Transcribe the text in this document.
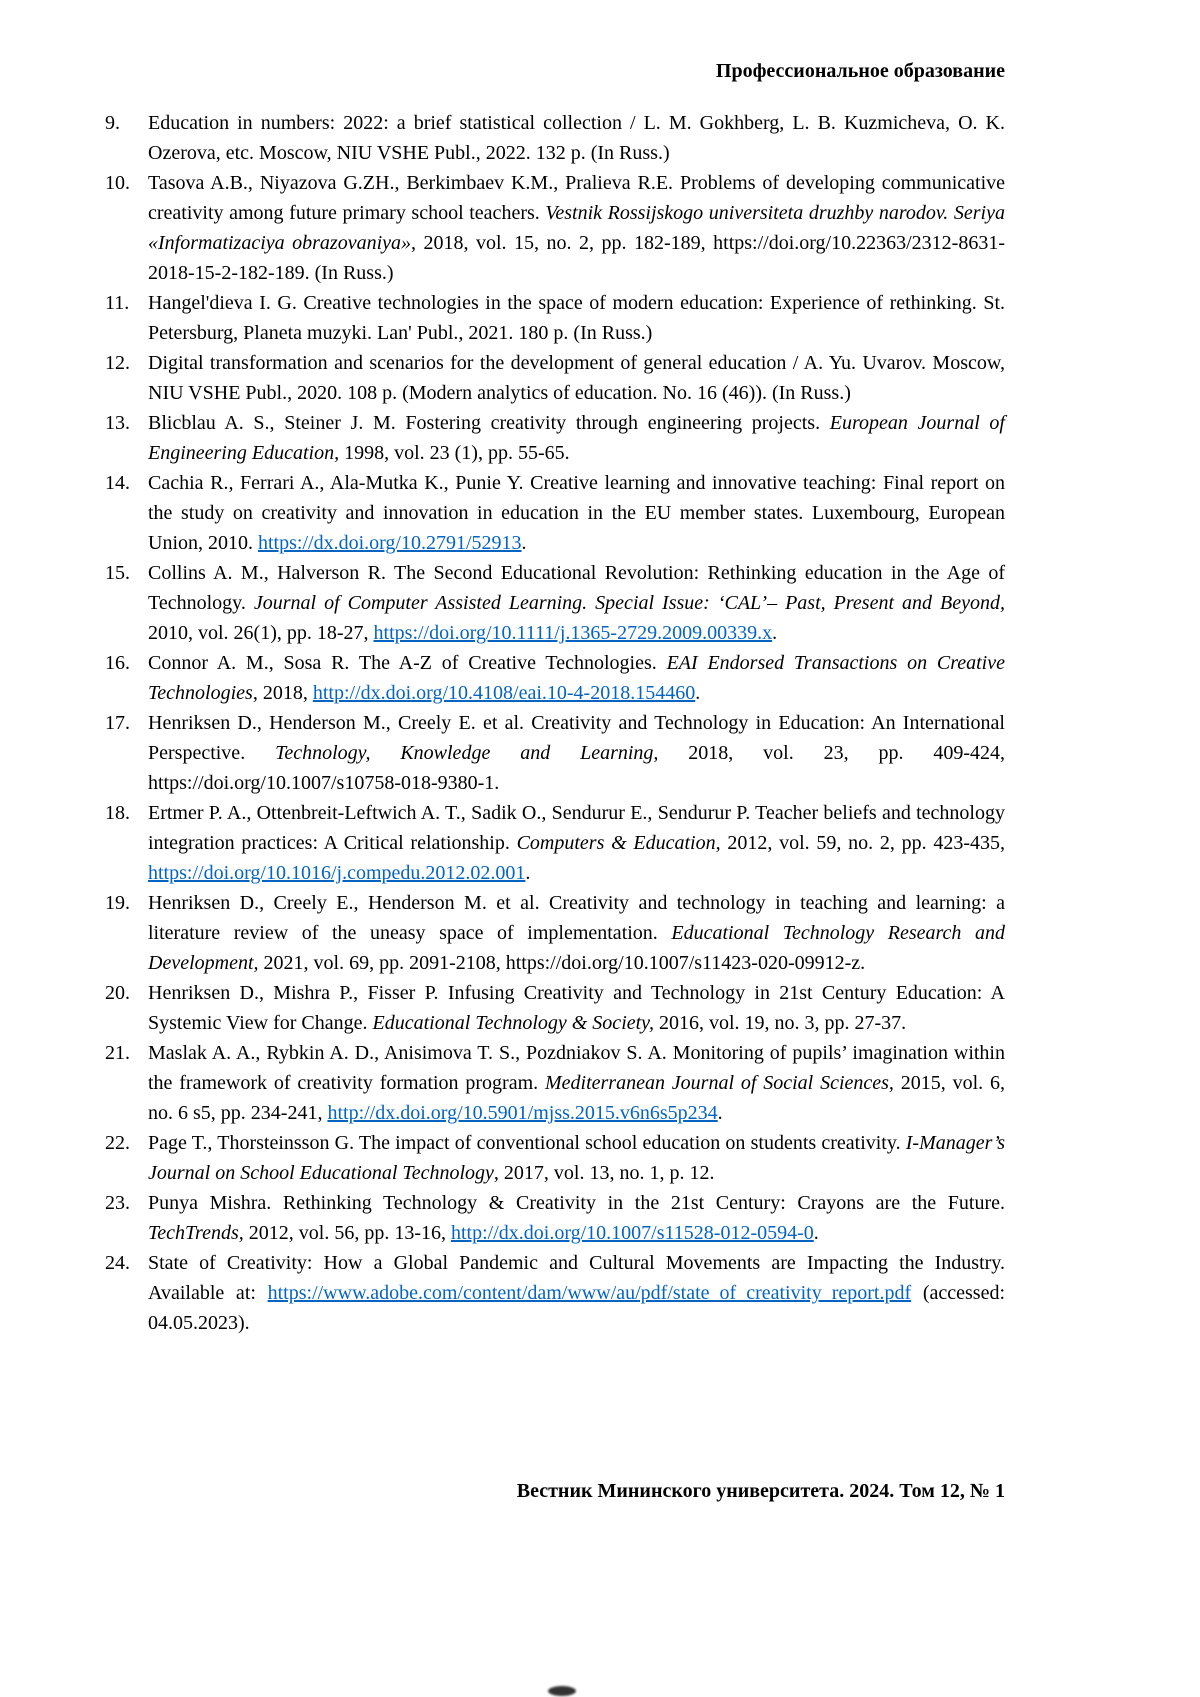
Профессиональное образование
9.	Education in numbers: 2022: a brief statistical collection / L. M. Gokhberg, L. B. Kuzmicheva, O. K. Ozerova, etc. Moscow, NIU VSHE Publ., 2022. 132 p. (In Russ.)
10. Tasova A.B., Niyazova G.ZH., Berkimbaev K.M., Pralieva R.E. Problems of developing communicative creativity among future primary school teachers. Vestnik Rossijskogo universiteta druzhby narodov. Seriya «Informatizaciya obrazovaniya», 2018, vol. 15, no. 2, pp. 182-189, https://doi.org/10.22363/2312-8631-2018-15-2-182-189. (In Russ.)
11. Hangel'dieva I. G. Creative technologies in the space of modern education: Experience of rethinking. St. Petersburg, Planeta muzyki. Lan' Publ., 2021. 180 p. (In Russ.)
12. Digital transformation and scenarios for the development of general education / A. Yu. Uvarov. Moscow, NIU VSHE Publ., 2020. 108 p. (Modern analytics of education. No. 16 (46)). (In Russ.)
13. Blicblau A. S., Steiner J. M. Fostering creativity through engineering projects. European Journal of Engineering Education, 1998, vol. 23 (1), pp. 55-65.
14. Cachia R., Ferrari A., Ala-Mutka K., Punie Y. Creative learning and innovative teaching: Final report on the study on creativity and innovation in education in the EU member states. Luxembourg, European Union, 2010. https://dx.doi.org/10.2791/52913.
15. Collins A. M., Halverson R. The Second Educational Revolution: Rethinking education in the Age of Technology. Journal of Computer Assisted Learning. Special Issue: ‘CAL’– Past, Present and Beyond, 2010, vol. 26(1), pp. 18-27, https://doi.org/10.1111/j.1365-2729.2009.00339.x.
16. Connor A. M., Sosa R. The A-Z of Creative Technologies. EAI Endorsed Transactions on Creative Technologies, 2018, http://dx.doi.org/10.4108/eai.10-4-2018.154460.
17. Henriksen D., Henderson M., Creely E. et al. Creativity and Technology in Education: An International Perspective. Technology, Knowledge and Learning, 2018, vol. 23, pp. 409-424, https://doi.org/10.1007/s10758-018-9380-1.
18. Ertmer P. A., Ottenbreit-Leftwich A. T., Sadik O., Sendurur E., Sendurur P. Teacher beliefs and technology integration practices: A Critical relationship. Computers & Education, 2012, vol. 59, no. 2, pp. 423-435, https://doi.org/10.1016/j.compedu.2012.02.001.
19. Henriksen D., Creely E., Henderson M. et al. Creativity and technology in teaching and learning: a literature review of the uneasy space of implementation. Educational Technology Research and Development, 2021, vol. 69, pp. 2091-2108, https://doi.org/10.1007/s11423-020-09912-z.
20. Henriksen D., Mishra P., Fisser P. Infusing Creativity and Technology in 21st Century Education: A Systemic View for Change. Educational Technology & Society, 2016, vol. 19, no. 3, pp. 27-37.
21. Maslak A. A., Rybkin A. D., Anisimova T. S., Pozdniakov S. A. Monitoring of pupils’ imagination within the framework of creativity formation program. Mediterranean Journal of Social Sciences, 2015, vol. 6, no. 6 s5, pp. 234-241, http://dx.doi.org/10.5901/mjss.2015.v6n6s5p234.
22. Page T., Thorsteinsson G. The impact of conventional school education on students creativity. I-Manager’s Journal on School Educational Technology, 2017, vol. 13, no. 1, p. 12.
23. Punya Mishra. Rethinking Technology & Creativity in the 21st Century: Crayons are the Future. TechTrends, 2012, vol. 56, pp. 13-16, http://dx.doi.org/10.1007/s11528-012-0594-0.
24. State of Creativity: How a Global Pandemic and Cultural Movements are Impacting the Industry. Available at: https://www.adobe.com/content/dam/www/au/pdf/state_of_creativity_report.pdf (accessed: 04.05.2023).
Вестник Мининского университета. 2024. Том 12, № 1
